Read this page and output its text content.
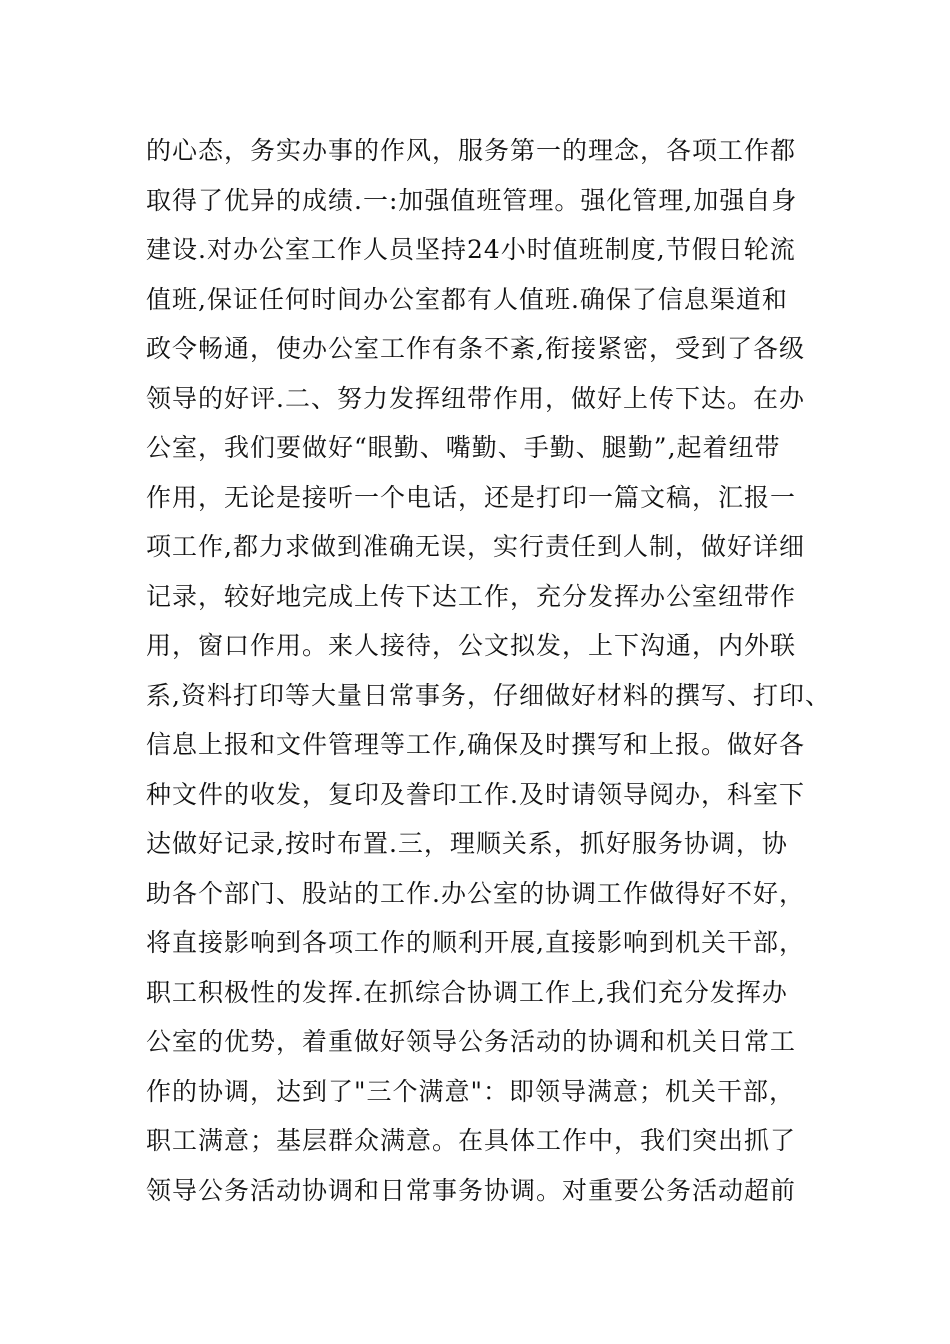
的心态，务实办事的作风，服务第一的理念，各项工作都
取得了优异的成绩.一:加强值班管理。强化管理,加强自身
建设.对办公室工作人员坚持24小时值班制度,节假日轮流
值班,保证任何时间办公室都有人值班.确保了信息渠道和
政令畅通，使办公室工作有条不紊,衔接紧密，受到了各级
领导的好评.二、努力发挥纽带作用，做好上传下达。在办
公室，我们要做好“眼勤、嘴勤、手勤、腿勤”,起着纽带
作用，无论是接听一个电话，还是打印一篇文稿，汇报一
项工作,都力求做到准确无误，实行责任到人制，做好详细
记录，较好地完成上传下达工作，充分发挥办公室纽带作
用，窗口作用。来人接待，公文拟发，上下沟通，内外联
系,资料打印等大量日常事务，仔细做好材料的撰写、打印、
信息上报和文件管理等工作,确保及时撰写和上报。做好各
种文件的收发，复印及誊印工作.及时请领导阅办，科室下
达做好记录,按时布置.三，理顺关系，抓好服务协调，协
助各个部门、股站的工作.办公室的协调工作做得好不好，
将直接影响到各项工作的顺利开展,直接影响到机关干部，
职工积极性的发挥.在抓综合协调工作上,我们充分发挥办
公室的优势，着重做好领导公务活动的协调和机关日常工
作的协调，达到了"三个满意"：即领导满意；机关干部，
职工满意；基层群众满意。在具体工作中，我们突出抓了
领导公务活动协调和日常事务协调。对重要公务活动超前
